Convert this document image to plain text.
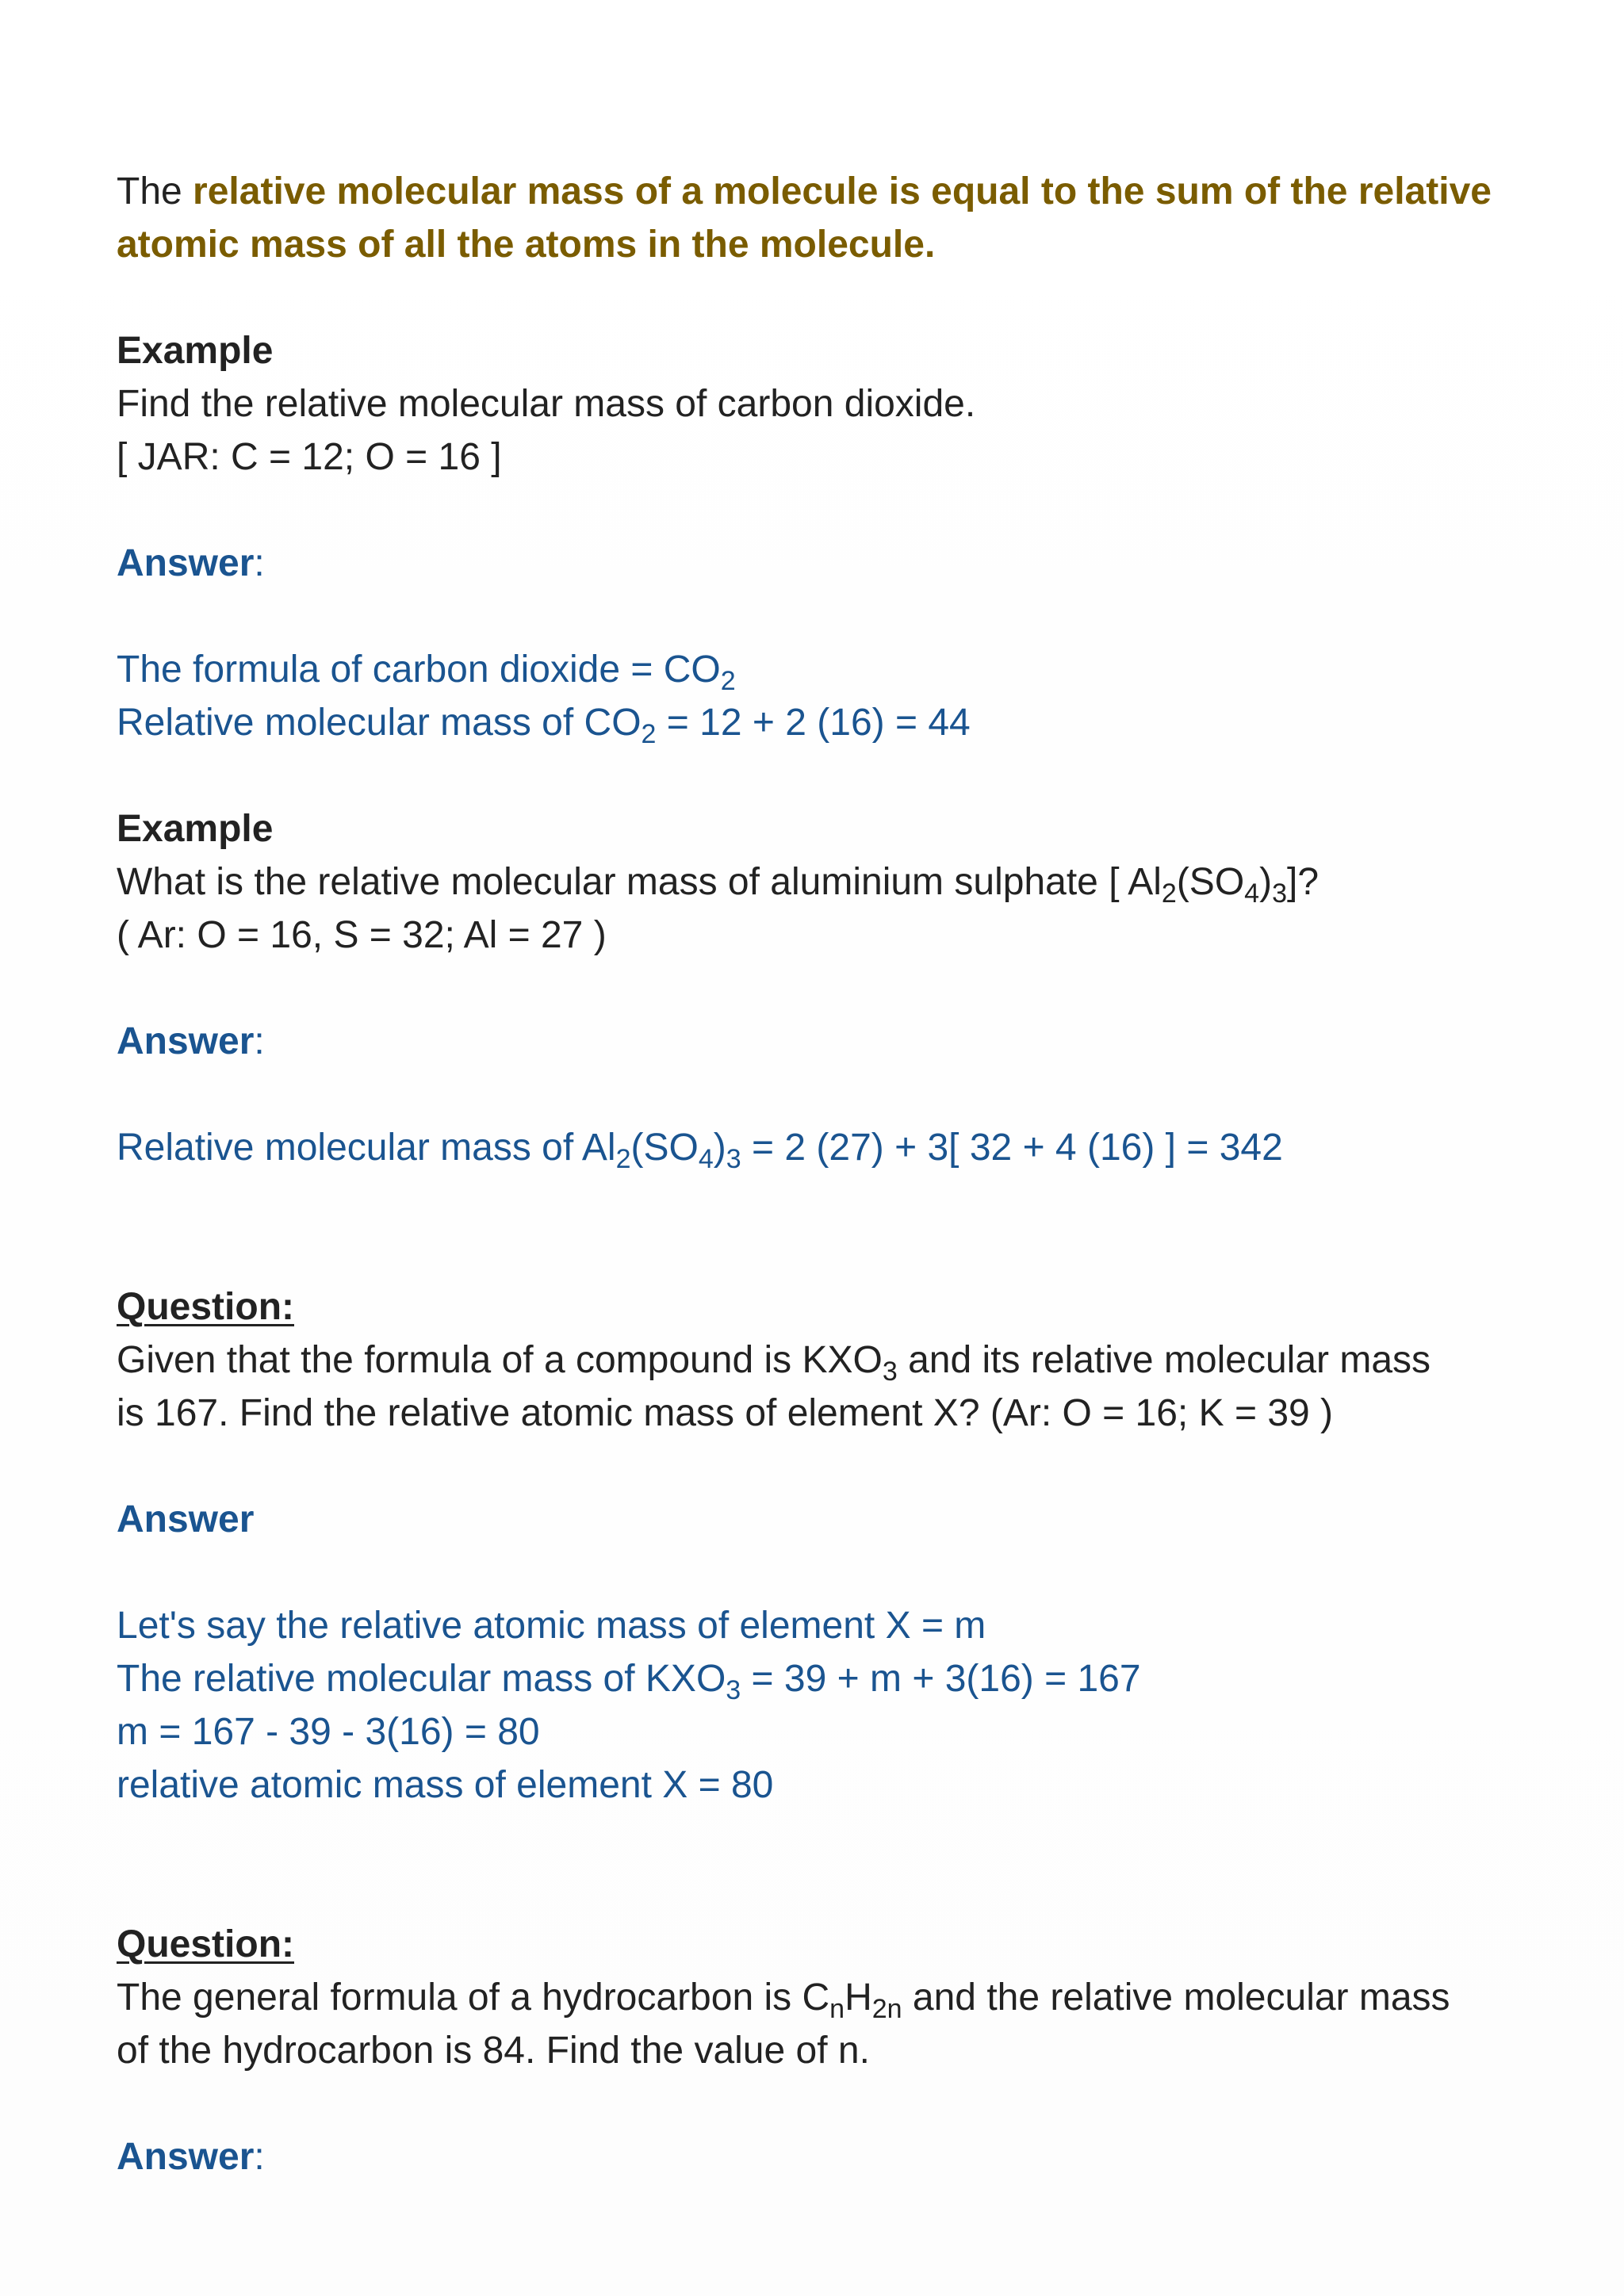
The relative molecular mass of a molecule is equal to the sum of the relative

atomic mass of all the atoms in the molecule.

Example

Find the relative molecular mass of carbon dioxide.

[ JAR: C = 12; O = 16 ]

Answer:

The formula of carbon dioxide = $CO_2$

Relative molecular mass of $CO_2 = 12 + 2$ (16) = 44

Example

What is the relative molecular mass of aluminium sulphate [ $Al_2(SO_4)_3$]?

( Ar: O = 16, S = 32; Al = 27 )

Answer:

Relative molecular mass of $Al_2(SO_4)_3 = 2$ (27) + 3[ 32 + 4 (16) ] = 342

Question:

Given that the formula of a compound is $KXO_3$ and its relative molecular mass

is 167. Find the relative atomic mass of element X? (Ar: O = 16; K = 39 )

Answer

Let's say the relative atomic mass of element X = m

The relative molecular mass of $KXO_3 = 39 + m + 3(16) = 167$

m = 167 - 39 - 3(16) = 80

relative atomic mass of element X = 80

Question:

The general formula of a hydrocarbon is $C_nH_{2n}$ and the relative molecular mass

of the hydrocarbon is 84. Find the value of n.

Answer:
